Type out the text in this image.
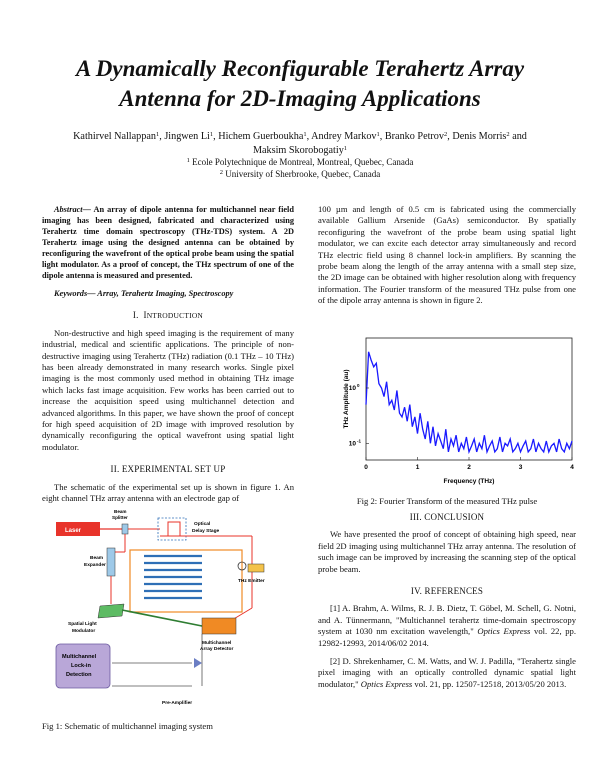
A Dynamically Reconfigurable Terahertz Array
Antenna for 2D-Imaging Applications
Kathirvel Nallappan$^1$, Jingwen Li$^1$, Hichem Guerboukha$^1$, Andrey Markov$^1$, Branko Petrov$^2$, Denis Morris$^2$ and
Maksim Skorobogatiy$^1$
$^1$ Ecole Polytechnique de Montreal, Montreal, Quebec, Canada
$^2$ University of Sherbrooke, Quebec, Canada

Abstract— An array of dipole antenna for multichannel near field imaging has been designed, fabricated and characterized using Terahertz time domain spectroscopy (THz-TDS) system. A 2D Terahertz image using the designed antenna can be obtained by reconfiguring the wavefront of the optical probe beam using the spatial light modulator. As a proof of concept, the THz spectrum of one of the dipole antenna is measured and presented.

Keywords— Array, Terahertz Imaging, Spectroscopy

I. INTRODUCTION

Non-destructive and high speed imaging is the requirement of many industrial, medical and scientific applications. The principle of non-destructive imaging using Terahertz (THz) radiation (0.1 THz – 10 THz) has been already demonstrated in many research works. Single pixel imaging is the most commonly used method in obtaining THz image which lacks fast image acquisition. Few works has been carried out to increase the acquisition speed using multichannel detection and advanced algorithms. In this paper, we have shown the proof of concept for high speed acquisition of 2D image with improved resolution by dynamically reconfiguring the optical wavefront using spatial light modulator.

II. EXPERIMENTAL SET UP

The schematic of the experimental set up is shown in figure 1. An eight channel THz array antenna with an electrode gap of

Laser
Beam
Splitter
Optical
Delay Stage
Beam
Expander
THz Emitter
Spatial Light
Modulator
Multichannel
Array Detector
Pre-Amplifier
Multichannel
Lock-in
Detection
Fig 1: Schematic of multichannel imaging system

100 µm and length of 0.5 cm is fabricated using the commercially available Gallium Arsenide (GaAs) semiconductor. By spatially reconfiguring the wavefront of the probe beam using spatial light modulator, we can excite each detector array simultaneously and record THz electric field using 8 channel lock-in amplifiers. By scanning the probe beam along the length of the array antenna with a small step size, the 2D image can be obtained with higher resolution along with frequency information. The Fourier transform of the measured THz pulse from one of the dipole array antenna is shown in figure 2.

0	1	2	3	4
10 0
10 -1
Frequency (THz)
THz Amplitude (au)
Fig 2: Fourier Transform of the measured THz pulse
III. CONCLUSION

We have presented the proof of concept of obtaining high speed, near field 2D imaging using multichannel THz array antenna. The resolution of such image can be improved by increasing the scanning step of the optical probe beam.

IV. REFERENCES

[1] A. Brahm, A. Wilms, R. J. B. Dietz, T. Göbel, M. Schell, G. Notni, and A. Tünnermann, "Multichannel terahertz time-domain spectroscopy system at 1030 nm excitation wavelength," Optics Express vol. 22, pp. 12982-12993, 2014/06/02 2014.

[2] D. Shrekenhamer, C. M. Watts, and W. J. Padilla, "Terahertz single pixel imaging with an optically controlled dynamic spatial light modulator," Optics Express vol. 21, pp. 12507-12518, 2013/05/20 2013.
